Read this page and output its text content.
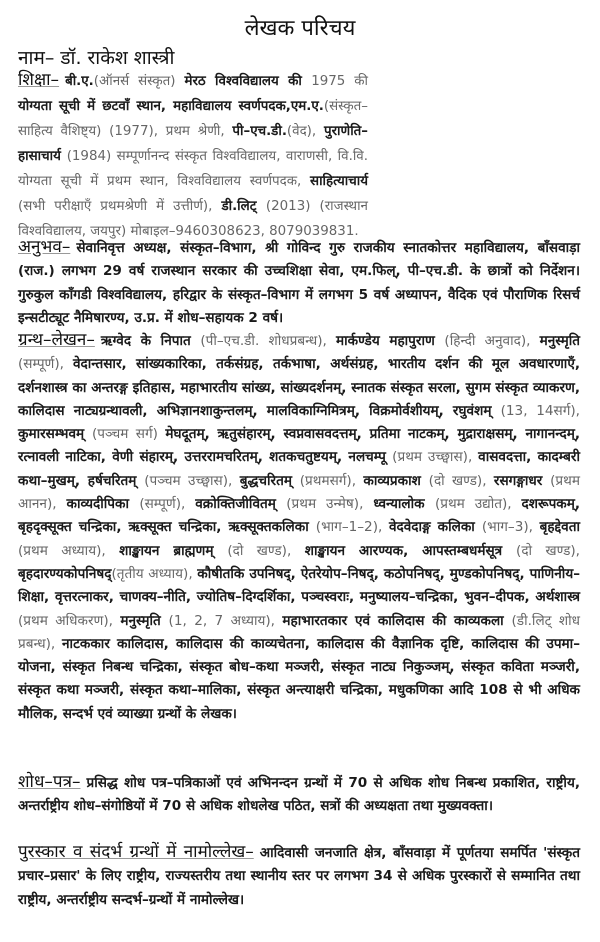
लेखक परिचय
नाम– डॉ. राकेश शास्त्री
शिक्षा– बी.ए.(ऑनर्स संस्कृत) मेरठ विश्वविद्यालय की 1975 की योग्यता सूची में छटवाँ स्थान, महाविद्यालय स्वर्णपदक,एम.ए.(संस्कृत–साहित्य वैशिष्ट्य) (1977), प्रथम श्रेणी, पी–एच.डी.(वेद), पुराणेति–हासाचार्य (1984) सम्पूर्णानन्द संस्कृत विश्वविद्यालय, वाराणसी, वि.वि. योग्यता सूची में प्रथम स्थान, विश्वविद्यालय स्वर्णपदक, साहित्याचार्य (सभी परीक्षाएँ प्रथमश्रेणी में उत्तीर्ण), डी.लिट् (2013) (राजस्थान विश्वविद्यालय, जयपुर) मोबाइल–9460308623, 8079039831.
अनुभव– सेवानिवृत्त अध्यक्ष, संस्कृत–विभाग, श्री गोविन्द गुरु राजकीय स्नातकोत्तर महाविद्यालय, बाँसवाड़ा (राज.) लगभग 29 वर्ष राजस्थान सरकार की उच्चशिक्षा सेवा, एम.फिल्, पी–एच.डी. के छात्रों को निर्देशन। गुरुकुल काँगडी विश्वविद्यालय, हरिद्वार के संस्कृत–विभाग में लगभग 5 वर्ष अध्यापन, वैदिक एवं पौराणिक रिसर्च इन्सटीट्यूट नैमिषारण्य, उ.प्र. में शोध–सहायक 2 वर्ष।
ग्रन्थ–लेखन– ऋग्वेद के निपात (पी–एच.डी. शोधप्रबन्ध), मार्कण्डेय महापुराण (हिन्दी अनुवाद), मनुस्मृति (सम्पूर्ण), वेदान्तसार, सांख्यकारिका, तर्कसंग्रह, तर्कभाषा, अर्थसंग्रह, भारतीय दर्शन की मूल अवधारणाएँ, दर्शनशास्त्र का अन्तरङ्ग इतिहास, महाभारतीय सांख्य, सांख्यदर्शनम्, स्नातक संस्कृत सरला, सुगम संस्कृत व्याकरण, कालिदास नाट्यग्रन्थावली, अभिज्ञानशाकुन्तलम्, मालविकाग्निमित्रम्, विक्रमोर्वशीयम्, रघुवंशम् (13, 14सर्ग), कुमारसम्भवम् (पञ्चम सर्ग) मेघदूतम्, ऋतुसंहारम्, स्वप्नवासवदत्तम्, प्रतिमा नाटकम्, मुद्राराक्षसम्, नागानन्दम्, रत्नावली नाटिका, वेणी संहारम्, उत्तररामचरितम्, शतकचतुष्टयम्, नलचम्पू (प्रथम उच्छ्वास), वासवदत्ता, कादम्बरी कथा–मुखम्, हर्षचरितम् (पञ्चम उच्छ्वास), बुद्धचरितम् (प्रथमसर्ग), काव्यप्रकाश (दो खण्ड), रसगङ्गाधर (प्रथम आनन), काव्यदीपिका (सम्पूर्ण), वक्रोक्तिजीवितम् (प्रथम उन्मेष), ध्वन्यालोक (प्रथम उद्योत), दशरूपकम्, बृहदृक्सूक्त चन्द्रिका, ऋक्सूक्त चन्द्रिका, ऋक्सूक्तकलिका (भाग–1–2), वेदवेदाङ्ग कलिका (भाग–3), बृहद्देवता (प्रथम अध्याय), शाङ्खायन ब्राह्मणम् (दो खण्ड), शाङ्खायन आरण्यक, आपस्तम्बधर्मसूत्र (दो खण्ड), बृहदारण्यकोपनिषद्(तृतीय अध्याय), कौषीतकि उपनिषद्, ऐतरेयोप–निषद्, कठोपनिषद्, मुण्डकोपनिषद्, पाणिनीय–शिक्षा, वृत्तरत्नाकर, चाणक्य–नीति, ज्योतिष–दिग्दर्शिका, पञ्चस्वराः, मनुष्यालय–चन्द्रिका, भुवन–दीपक, अर्थशास्त्र (प्रथम अधिकरण), मनुस्मृति (1, 2, 7 अध्याय), महाभारतकार एवं कालिदास की काव्यकला (डी.लिट् शोध प्रबन्ध), नाटककार कालिदास, कालिदास की काव्यचेतना, कालिदास की वैज्ञानिक दृष्टि, कालिदास की उपमा–योजना, संस्कृत निबन्ध चन्द्रिका, संस्कृत बोध–कथा मञ्जरी, संस्कृत नाट्य निकुञ्जम्, संस्कृत कविता मञ्जरी, संस्कृत कथा मञ्जरी, संस्कृत कथा–मालिका, संस्कृत अन्त्याक्षरी चन्द्रिका, मधुकणिका आदि 108 से भी अधिक मौलिक, सन्दर्भ एवं व्याख्या ग्रन्थों के लेखक।
शोध–पत्र– प्रसिद्ध शोध पत्र–पत्रिकाओं एवं अभिनन्दन ग्रन्थों में 70 से अधिक शोध निबन्ध प्रकाशित, राष्ट्रीय, अन्तर्राष्ट्रीय शोध–संगोष्ठियों में 70 से अधिक शोधलेख पठित, सत्रों की अध्यक्षता तथा मुख्यवक्ता।
पुरस्कार व संदर्भ ग्रन्थों में नामोल्लेख– आदिवासी जनजाति क्षेत्र, बाँसवाड़ा में पूर्णतया समर्पित 'संस्कृत प्रचार–प्रसार' के लिए राष्ट्रीय, राज्यस्तरीय तथा स्थानीय स्तर पर लगभग 34 से अधिक पुरस्कारों से सम्मानित तथा राष्ट्रीय, अन्तर्राष्ट्रीय सन्दर्भ–ग्रन्थों में नामोल्लेख।
